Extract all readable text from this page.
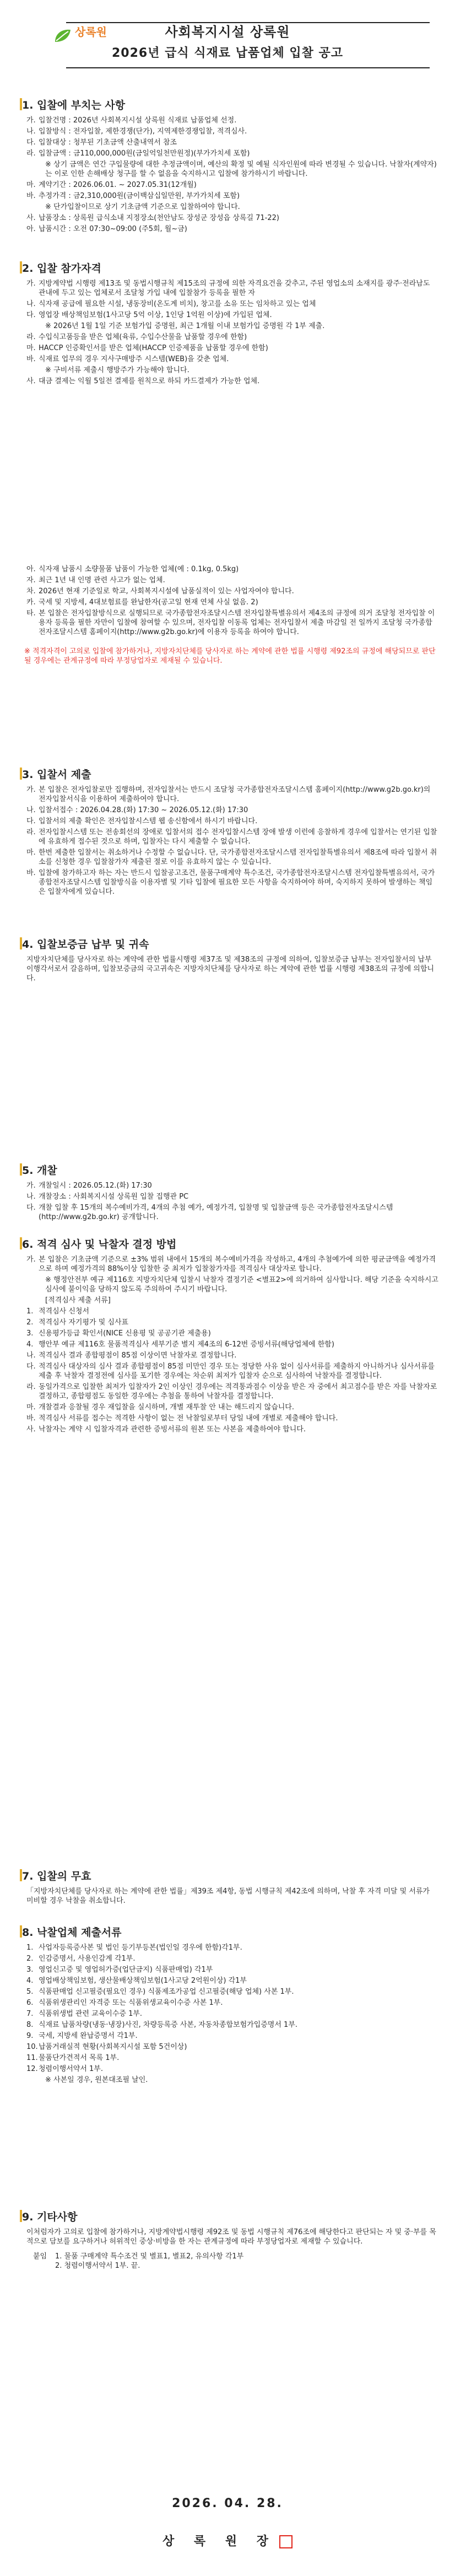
상록원	사회복지시설 상록원
2026년 급식 식재료 납품업체 입찰 공고
1. 입찰에 부치는 사항
가. 입찰건명 : 2026년 사회복지시설 상록원 식재료 납품업체 선정.
나. 입찰방식 : 전자입찰, 제한경쟁(단가), 지역제한경쟁입찰, 적격심사.
다. 입찰대상 : 청부된 기초금액 산출내역서 참조
라. 입찰금액 : 금110,000,000원(금일억일천만원정)(부가가치세 포함)
※ 상기 금액은 연간 구입물량에 대한 추정금액이며, 예산의 확정 및 예될 식자인원에 따라 변경될 수 있습니다. 낙찰자(계약자)는 이로 인한 손해배상 청구를 할 수 없음을 숙지하시고 입찰에 참가하시기 바랍니다.
마. 계약기간 : 2026.06.01. ~ 2027.05.31(12개월)
바. 추정가격 : 금2,310,000원(금이백삼십일만원, 부가가치세 포함)
※ 단가입찰이므로 상기 기초금액 기준으로 입찰하여야 합니다.
사. 납품장소 : 상록원 급식소내 지정장소(천안남도 장성군 장성읍 상록길 71-22)
아. 납품시간 : 오전 07:30~09:00 (주5회, 월~금)
2. 입찰 참가자격
가. 지방계약법 시행령 제13조 및 동법시행규칙 제15조의 규정에 의한 자격요건을 갖추고, 주된 영업소의 소재지를 광주·전라남도 관내에 두고 있는 업체로서 조달청 가입 내에 입찰참가 등록을 필한 자
나. 식자재 공급에 필요한 시설, 냉동장비(온도계 비치), 창고를 소유 또는 임차하고 있는 업체
다. 영업장 배상책임보험(1사고당 5억 이상, 1인당 1억원 이상)에 가입된 업체.
※ 2026년 1월 1일 기준 보험가입 증명원, 최근 1개월 이내 보험가입 증명원 각 1부 제출.
라. 수입식고품등을 받은 업체(육류, 수입수산물을 납품할 경우에 한함)
마. HACCP 인증확인서를 받은 업체(HACCP 인증제품을 납품할 경우에 한함)
바. 식재료 업무의 경우 지사구매방주 시스템(WEB)을 갖춘 업체.
※ 구비서류 제출시 행방주가 가능해야 합니다.
사. 대금 결제는 익월 5일전 결제를 원칙으로 하되 카드결제가 가능한 업체.
아. 식자재 납품시 소량물품 납품이 가능한 업체(예 : 0.1kg, 0.5kg)
자. 최근 1년 내 인명 관련 사고가 없는 업체.
차. 2026년 현재 기준일로 학교, 사회복지시설에 납품실적이 있는 사업자여야 합니다.
카. 국세 및 지방세, 4대보험료를 완납한자(공고일 현재 연체 사실 없음. 2)
타. 본 입찰은 전자입찰방식으로 실행되므로 국가종합전자조달시스템 전자입찰특별유의서 제4조의 규정에 의거 조달청 전자입찰 이용자 등록을 필한 자만이 입찰에 참여할 수 있으며, 전자입찰 이동록 업체는 전자입찰서 제출 마감일 전 일까지 조달청 국가종합전자조달시스템 홈페이지(http://www.g2b.go.kr)에 이용자 등록을 하여야 합니다.
※ 적격자격이 고의로 입찰에 참가하거나, 지방자치단체를 당사자로 하는 계약에 관한 법률 시행령 제92조의 규정에 해당되므로 판단될 경우에는 관계규정에 따라 부정당업자로 제재될 수 있습니다.
3. 입찰서 제출
가. 본 입찰은 전자입찰로만 집행하며, 전자입찰서는 반드시 조달청 국가종합전자조달시스템 홈페이지(http://www.g2b.go.kr)의 전자입찰서식을 이용하여 제출하여야 합니다.
나. 입찰서접수 : 2026.04.28.(화) 17:30 ~ 2026.05.12.(화) 17:30
다. 입찰서의 제출 확인은 전자입찰시스템 웹 송신함에서 하시기 바랍니다.
라. 전자입찰시스템 또는 전송회선의 장애로 입찰서의 접수 전자입찰시스템 장애 발생 이런에 응찰하게 경우에 입찰서는 연기된 입찰에 유효하게 접수된 것으로 하며, 입찰자는 다시 제출할 수 없습니다.
마. 한번 제출한 입찰서는 취소하거나 수정할 수 없습니다. 단, 국가종합전자조달시스템 전자입찰특별유의서 제8조에 따라 입찰서 취소를 신청한 경우 입찰참가자 제출된 절로 이를 유효하지 않는 수 있습니다.
바. 입찰에 참가하고자 하는 자는 반드시 입찰공고조건, 물품구매계약 특수조건, 국가종합전자조달시스템 전자입찰특별유의서, 국가종합전자조달시스템 입찰방식을 이용자별 및 기타 입찰에 필요한 모든 사항을 숙지하여야 하며, 숙지하지 못하여 발생하는 책임은 입찰자에게 있습니다.
4. 입찰보증금 납부 및 귀속

지방자치단체를 당사자로 하는 계약에 관한 법률시행령 제37조 및 제38조의 규정에 의하여, 입찰보증금 납부는 전자입찰서의 납부이행각서로서 갈음하며, 입찰보증금의 국고귀속은 지방자치단체를 당사자로 하는 계약에 관한 법률 시행령 제38조의 규정에 의합니다.

5. 개찰
가. 개찰일시 : 2026.05.12.(화) 17:30
나. 개찰장소 : 사회복지시설 상록원 입찰 집행관 PC
다. 개찰 입찰 후 15개의 복수예비가격, 4개의 추첨 예가, 예정가격, 입찰명 및 입찰금액 등은 국가종합전자조달시스템(http://www.g2b.go.kr) 공개합니다.
6. 적격 심사 및 낙찰자 결정 방법
가. 본 입찰은 기초금액 기준으로 ±3% 범위 내에서 15개의 복수예비가격을 작성하고, 4개의 추첨예가에 의한 평균금액을 예정가격으로 하며 예정가격의 88%이상 입찰한 중 최저가 입찰참가자를 적격심사 대상자로 합니다.
※ 행정안전부 예규 제116호 지방자치단체 입찰시 낙찰자 결정기준 <별표2>에 의거하여 심사합니다. 해당 기준을 숙지하시고 심사에 불이익을 당하지 않도록 주의하여 주시기 바랍니다.
[적격심사 제출 서류]
1. 적격심사 신청서
2. 적격심사 자기평가 및 심사표
3. 신용평가등급 확인서(NICE 신용평 및 공공기관 제출용)
4. 행안부 예규 제116호 물품적격심사 세부기준 별지 제4조의 6-12번 증빙서류(해당업체에 한함)
나. 적격심사 결과 종합평점이 85점 이상이면 낙찰자로 결정합니다.
다. 적격심사 대상자의 심사 결과 종합평점이 85점 미만인 경우 또는 정당한 사유 없이 심사서류를 제출하지 아니하거나 심사서류를 제출 후 낙찰자 결정전에 심사를 포기한 경우에는 차순위 최저가 입찰자 순으로 심사하여 낙찰자를 결정합니다.
라. 동일가격으로 입찰한 최저가 입찰자가 2인 이상인 경우에는 적격통과점수 이상을 받은 자 중에서 최고점수를 받은 자를 낙찰자로 결정하고, 종합평점도 동일한 경우에는 추첨을 통하여 낙찰자를 결정합니다.
마. 개찰결과 응찰될 경우 재입찰을 실시하며, 개별 재투찰 안 내는 해드리지 않습니다.
바. 적격심사 서류를 접수는 적격한 사항이 없는 전 낙찰일로부터 당일 내에 개별로 제출해야 합니다.
사. 낙찰자는 계약 시 입찰자격과 관련한 증빙서류의 원본 또는 사본을 제출하여야 합니다.
7. 입찰의 무효

「지방자치단체를 당사자로 하는 계약에 관한 법률」제39조 제4항, 동법 시행규칙 제42조에 의하며, 낙찰 후 자격 미달 및 서류가 미비할 경우 낙찰을 취소합니다.

8. 낙찰업체 제출서류
1. 사업자등록증사본 및 법인 등기부등본(법인일 경우에 한함)각1부.
2. 인감증명서, 사용인감계 각1부.
3. 영업신고증 및 영업허가증(업단금지) 식품판매업) 각1부
4. 영업배상책임보험, 생산물배상책임보험(1사고당 2억원이상) 각1부
5. 식품판매업 신고필증(필요인 경우) 식품제조가공업 신고필증(해당 업체) 사본 1부.
6. 식품위생관리인 자격증 또는 식품위생교육이수증 사본 1부.
7. 식품위생법 관련 교육이수증 1부.
8. 식재료 납품차량(냉동·냉장)사진, 차량등록증 사본, 자동차종합보험가입증명서 1부.
9. 국세, 지방세 완납증명서 각1부.
10. 납품거래실적 현황(사회복지시설 포함 5건이상)
11. 물품단가견적서 목록 1부.
12. 청렴이행서약서 1부.
※ 사본일 경우, 원본대조필 날인.
9. 기타사항

이처럼자가 고의로 입찰에 참가하거나, 지방계약법시행령 제92조 및 동법 시행규칙 제76조에 해당한다고 판단되는 자 및 중·부를 목적으로 담보를 요구하거나 허위적인 중상·비방을 한 자는 관계규정에 따라 부정당업자로 제재할 수 있습니다.

붙임 1. 물품 구매계약 특수조건 및 별표1, 별표2, 유의사항 각1부
2. 청렴이행서약서 1부. 끝.
2026. 04. 28.
상 록 원 장
